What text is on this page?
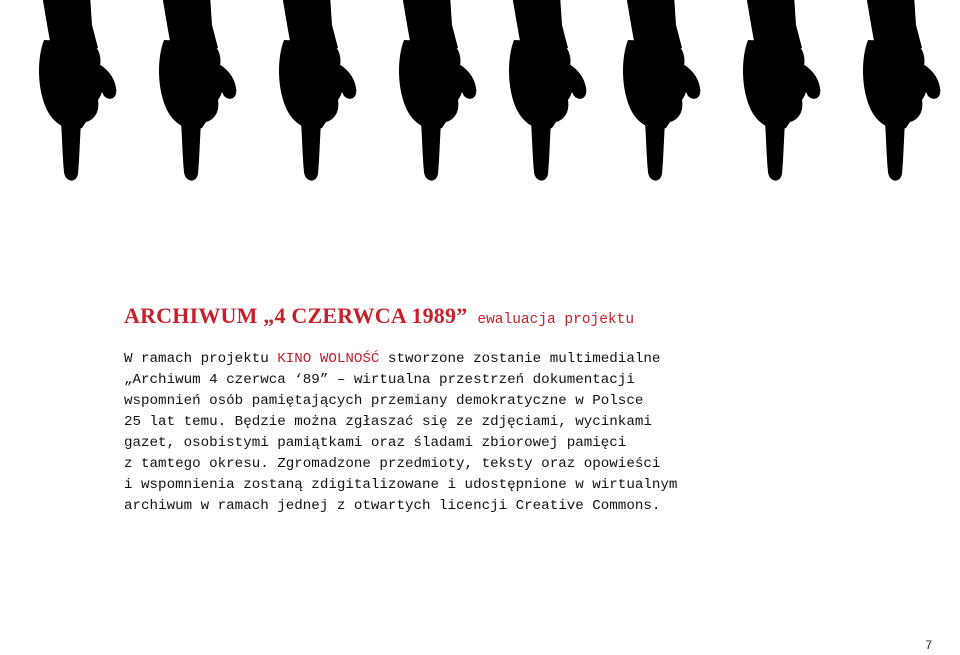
ARCHIWUM „4 CZERWCA 1989” ewaluacja projektu
W ramach projektu KINO WOLNOŚĆ stworzone zostanie multimedialne
„Archiwum 4 czerwca ‘89” – wirtualna przestrzeń dokumentacji
wspomnień osób pamiętających przemiany demokratyczne w Polsce
25 lat temu. Będzie można zgłaszać się ze zdjęciami, wycinkami
gazet, osobistymi pamiątkami oraz śladami zbiorowej pamięci
z tamtego okresu. Zgromadzone przedmioty, teksty oraz opowieści
i wspomnienia zostaną zdigitalizowane i udostępnione w wirtualnym
archiwum w ramach jednej z otwartych licencji Creative Commons.
7
